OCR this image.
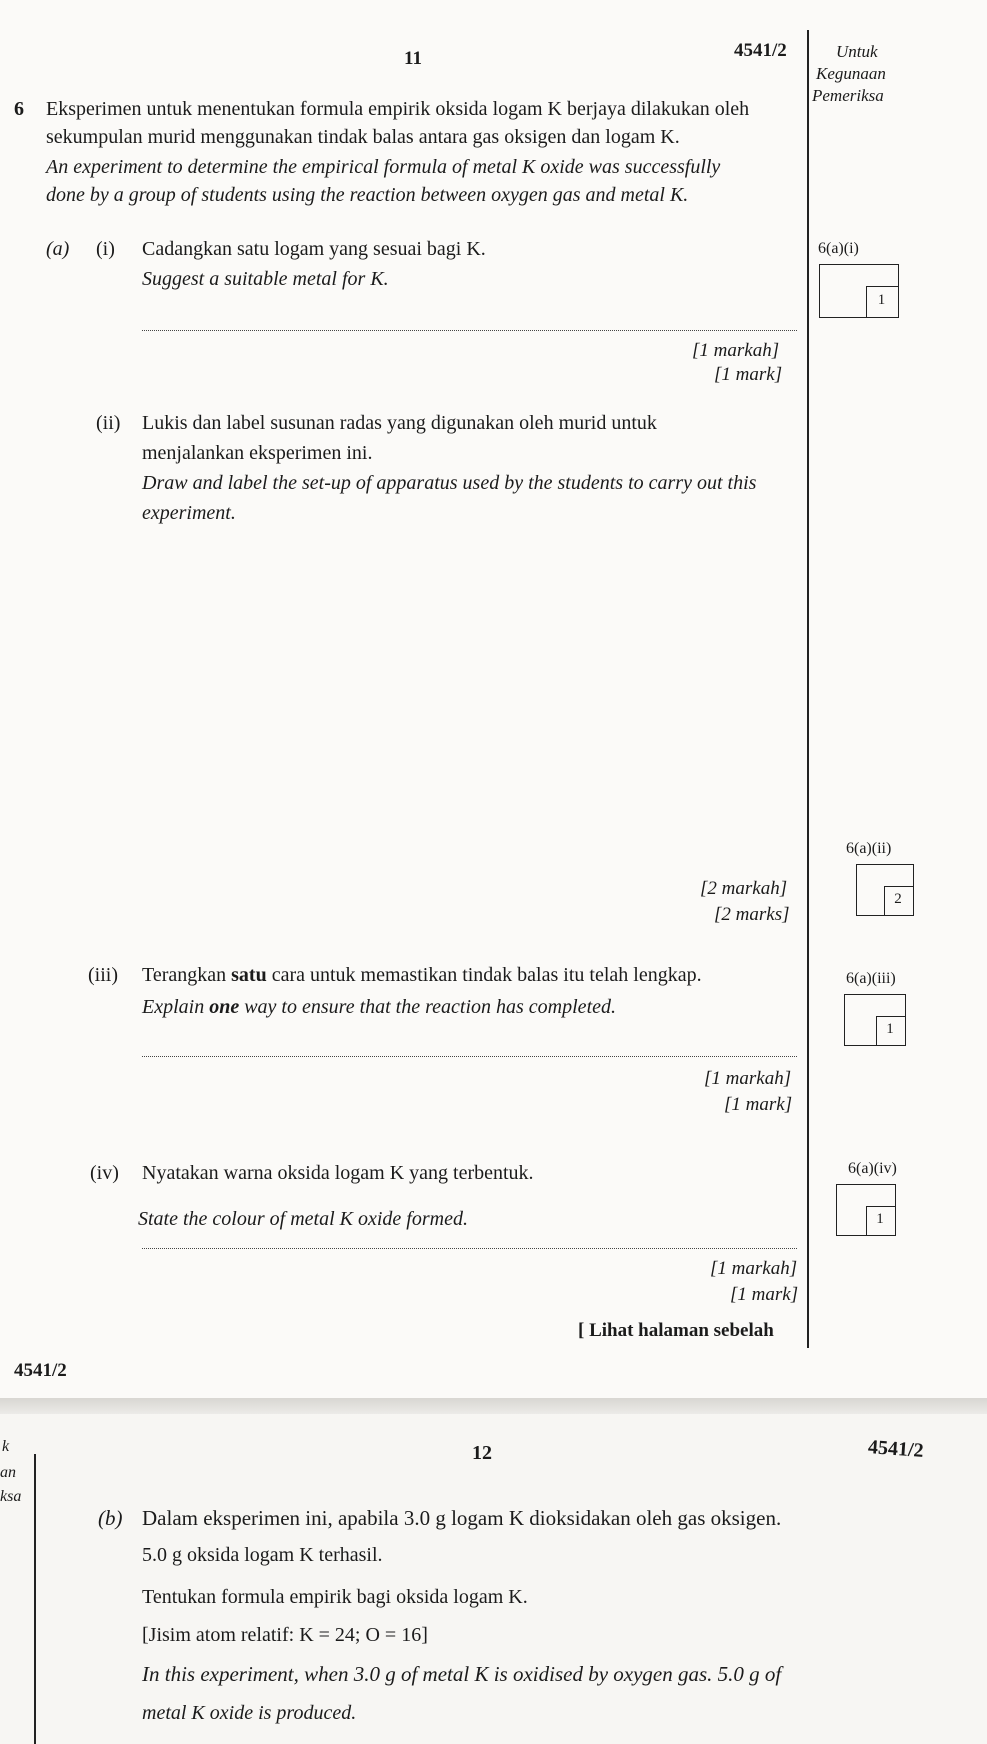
11	4541/2	Untuk
Kegunaan
Pemeriksa
6 Eksperimen untuk menentukan formula empirik oksida logam K berjaya dilakukan oleh
sekumpulan murid menggunakan tindak balas antara gas oksigen dan logam K.
An experiment to determine the empirical formula of metal K oxide was successfully
done by a group of students using the reaction between oxygen gas and metal K.
(a) (i) Cadangkan satu logam yang sesuai bagi K.
Suggest a suitable metal for K.
[1 markah]
[1 mark]
6(a)(i)
1
(ii) Lukis dan label susunan radas yang digunakan oleh murid untuk
menjalankan eksperimen ini.
Draw and label the set-up of apparatus used by the students to carry out this
experiment.
[2 markah]
[2 marks]
6(a)(ii)
2
(iii) Terangkan satu cara untuk memastikan tindak balas itu telah lengkap.
Explain one way to ensure that the reaction has completed.
[1 markah]
[1 mark]
6(a)(iii)
1
(iv) Nyatakan warna oksida logam K yang terbentuk.
State the colour of metal K oxide formed.
[1 markah]
[1 mark]
6(a)(iv)
1
[ Lihat halaman sebelah
4541/2
12	4541/2
k
an
ksa
(b) Dalam eksperimen ini, apabila 3.0 g logam K dioksidakan oleh gas oksigen.
5.0 g oksida logam K terhasil.
Tentukan formula empirik bagi oksida logam K.
[Jisim atom relatif: K = 24; O = 16]
In this experiment, when 3.0 g of metal K is oxidised by oxygen gas. 5.0 g of
metal K oxide is produced.
